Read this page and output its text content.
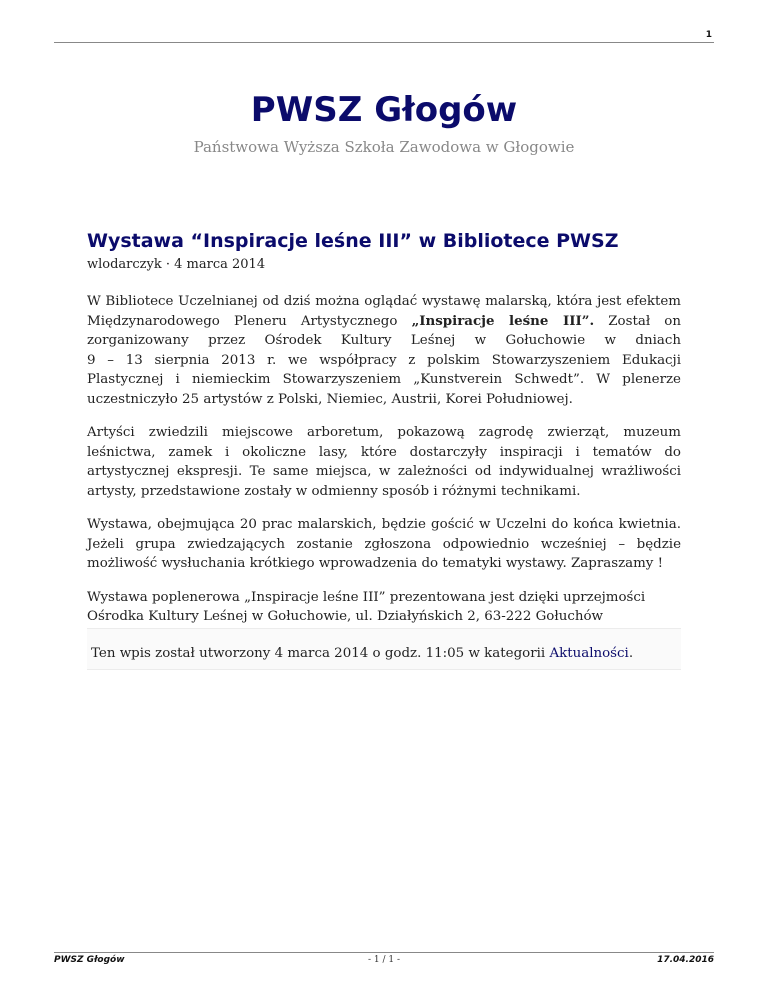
1
PWSZ Głogów
Państwowa Wyższa Szkoła Zawodowa w Głogowie
Wystawa “Inspiracje leśne III” w Bibliotece PWSZ
wlodarczyk · 4 marca 2014

W Bibliotece Uczelnianej od dziś można oglądać wystawę malarską, która jest efektem
Międzynarodowego Pleneru Artystycznego „Inspiracje leśne III”. Został on
zorganizowany przez Ośrodek Kultury Leśnej w Gołuchowie w dniach
9 – 13 sierpnia 2013 r. we współpracy z polskim Stowarzyszeniem Edukacji
Plastycznej i niemieckim Stowarzyszeniem „Kunstverein Schwedt”. W plenerze
uczestniczyło 25 artystów z Polski, Niemiec, Austrii, Korei Południowej.

Artyści zwiedzili miejscowe arboretum, pokazową zagrodę zwierząt, muzeum
leśnictwa, zamek i okoliczne lasy, które dostarczyły inspiracji i tematów do
artystycznej ekspresji. Te same miejsca, w zależności od indywidualnej wrażliwości
artysty, przedstawione zostały w odmienny sposób i różnymi technikami.

Wystawa, obejmująca 20 prac malarskich, będzie gościć w Uczelni do końca kwietnia.
Jeżeli grupa zwiedzających zostanie zgłoszona odpowiednio wcześniej – będzie
możliwość wysłuchania krótkiego wprowadzenia do tematyki wystawy. Zapraszamy !

Wystawa poplenerowa „Inspiracje leśne III” prezentowana jest dzięki uprzejmości
Ośrodka Kultury Leśnej w Gołuchowie, ul. Działyńskich 2, 63-222 Gołuchów

Ten wpis został utworzony 4 marca 2014 o godz. 11:05 w kategorii Aktualności.
PWSZ Głogów	- 1 / 1 -	17.04.2016
